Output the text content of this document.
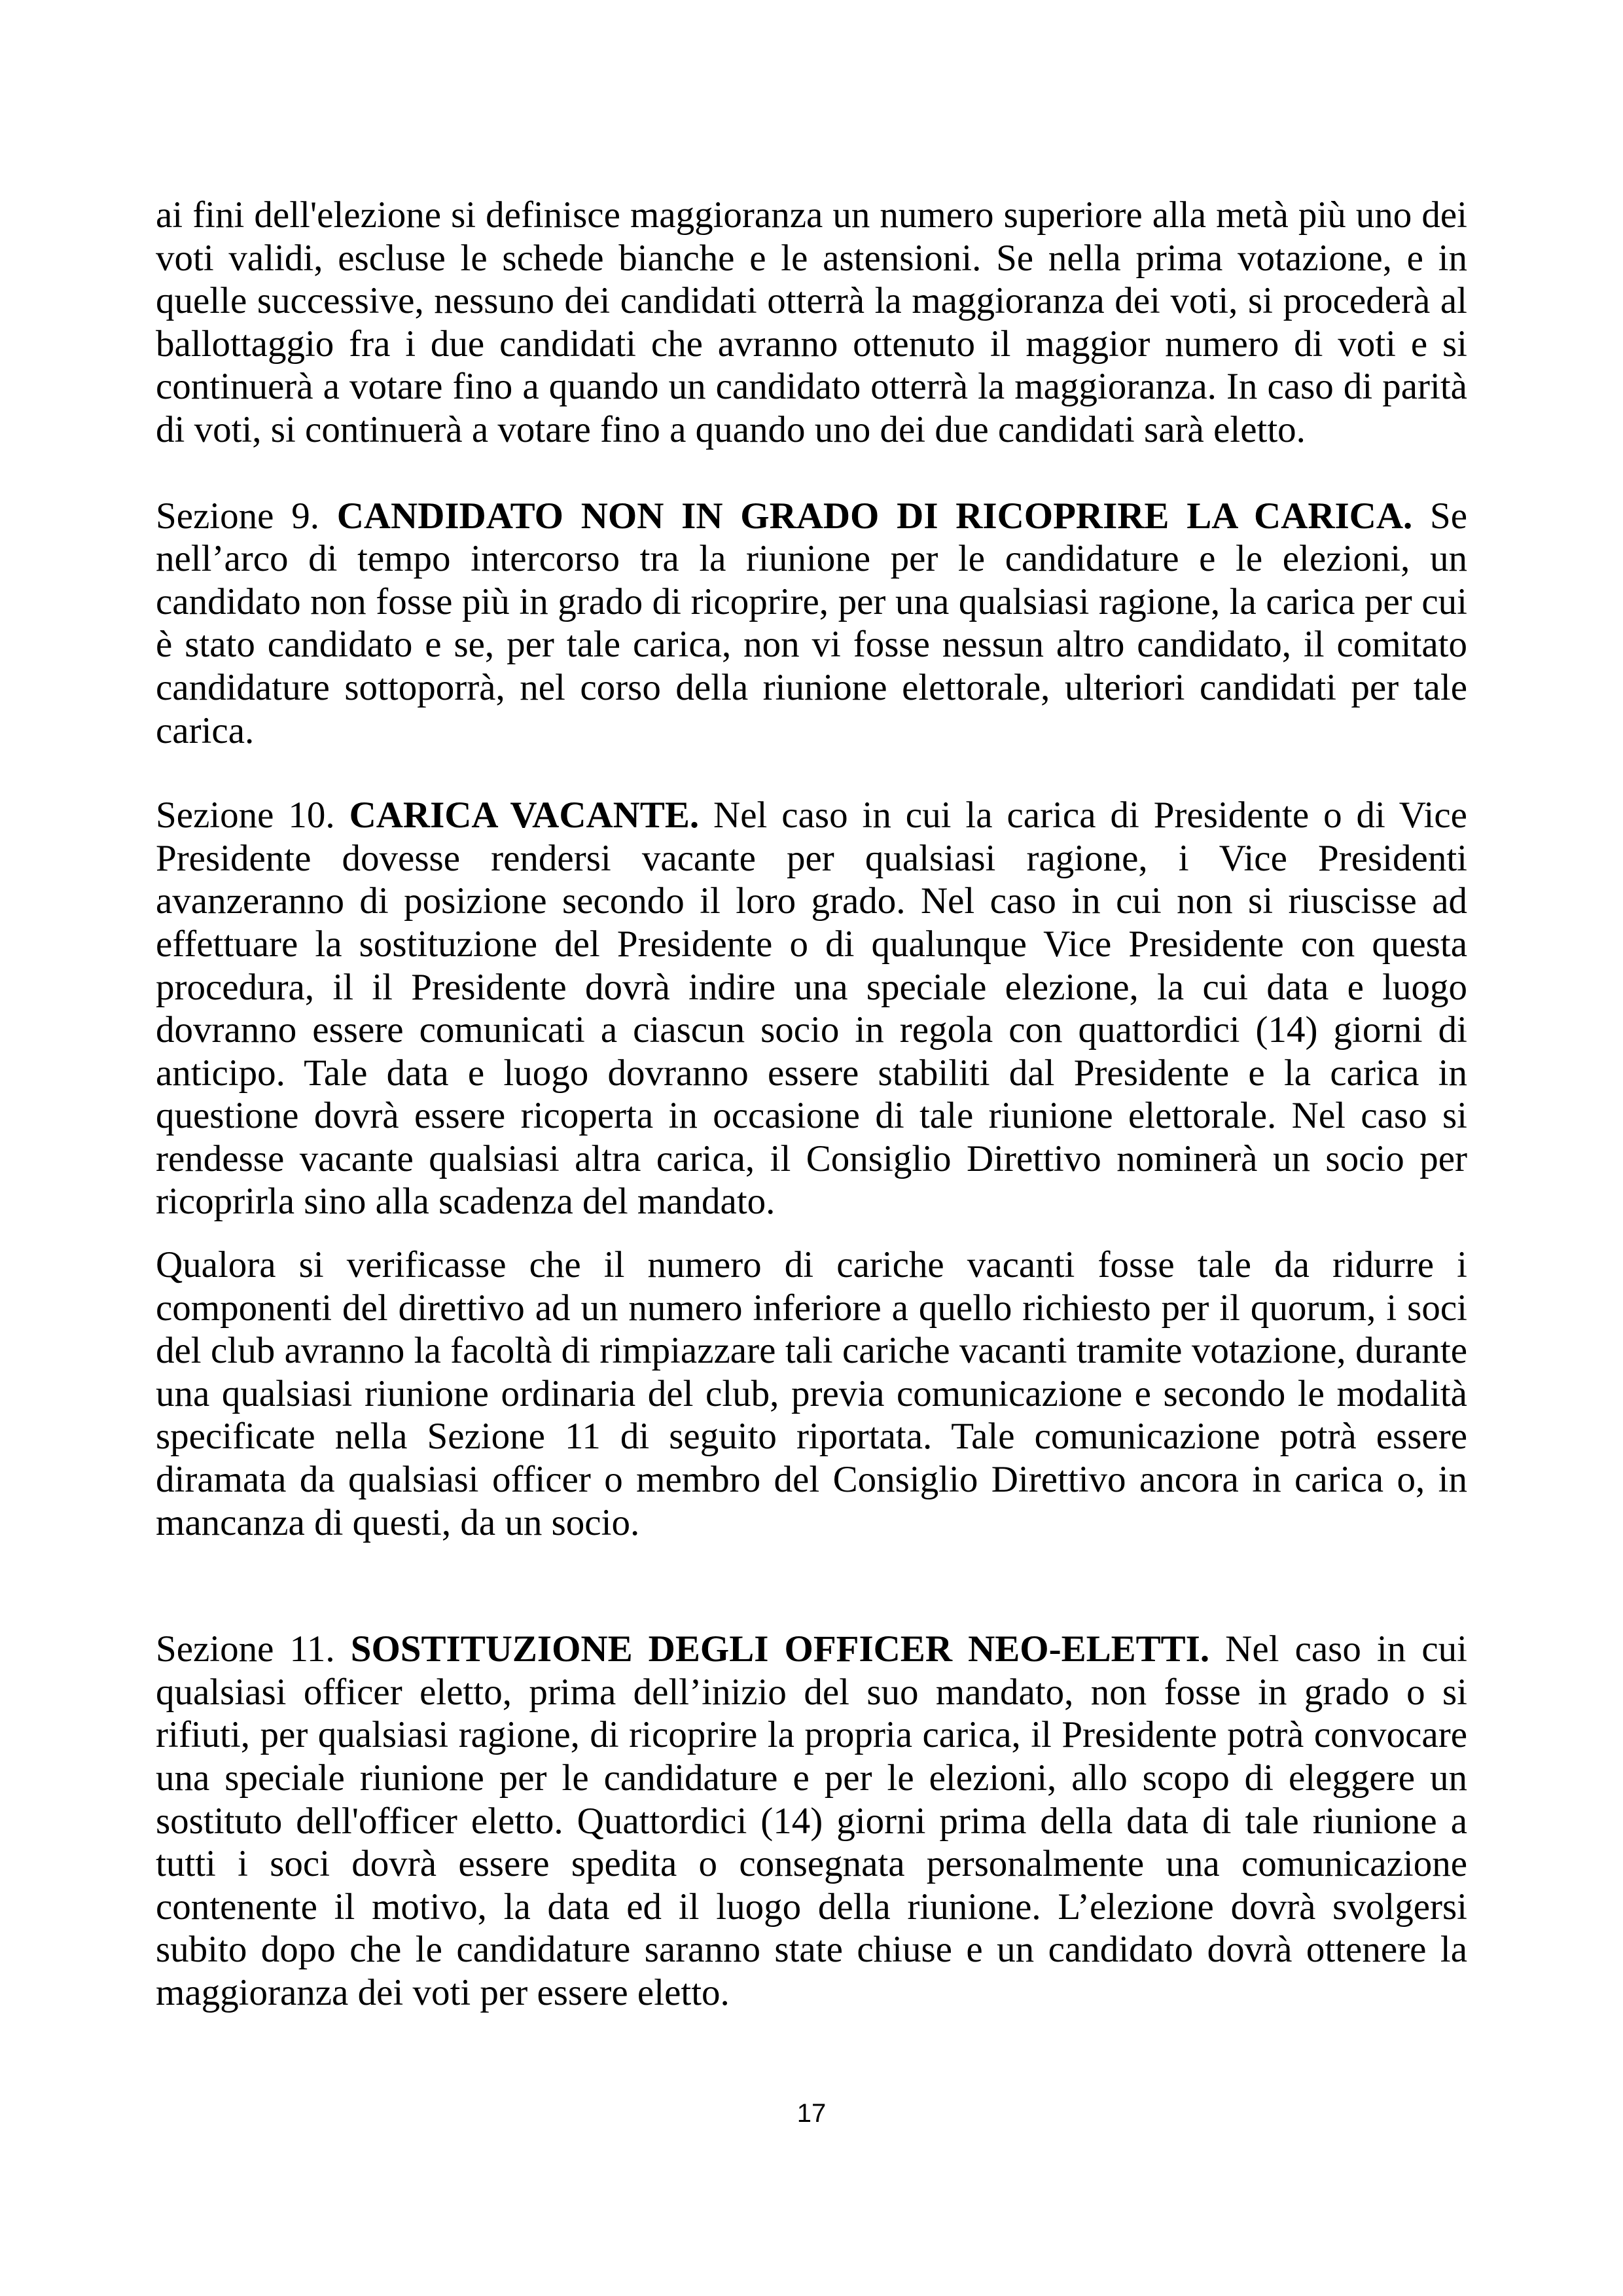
ai fini dell'elezione si definisce maggioranza un numero superiore alla metà più uno dei voti validi, escluse le schede bianche e le astensioni. Se nella prima votazione, e in quelle successive, nessuno dei candidati otterrà la maggioranza dei voti, si procederà al ballottaggio fra i due candidati che avranno ottenuto il maggior numero di voti e si continuerà a votare fino a quando un candidato otterrà la maggioranza. In caso di parità di voti, si continuerà a votare fino a quando uno dei due candidati sarà eletto.

Sezione 9. CANDIDATO NON IN GRADO DI RICOPRIRE LA CARICA. Se nell’arco di tempo intercorso tra la riunione per le candidature e le elezioni, un candidato non fosse più in grado di ricoprire, per una qualsiasi ragione, la carica per cui è stato candidato e se, per tale carica, non vi fosse nessun altro candidato, il comitato candidature sottoporrà, nel corso della riunione elettorale, ulteriori candidati per tale carica.

Sezione 10. CARICA VACANTE. Nel caso in cui la carica di Presidente o di Vice Presidente dovesse rendersi vacante per qualsiasi ragione, i Vice Presidenti avanzeranno di posizione secondo il loro grado. Nel caso in cui non si riuscisse ad effettuare la sostituzione del Presidente o di qualunque Vice Presidente con questa procedura, il il Presidente dovrà indire una speciale elezione, la cui data e luogo dovranno essere comunicati a ciascun socio in regola con quattordici (14) giorni di anticipo. Tale data e luogo dovranno essere stabiliti dal Presidente e la carica in questione dovrà essere ricoperta in occasione di tale riunione elettorale. Nel caso si rendesse vacante qualsiasi altra carica, il Consiglio Direttivo nominerà un socio per ricoprirla sino alla scadenza del mandato.

Qualora si verificasse che il numero di cariche vacanti fosse tale da ridurre i componenti del direttivo ad un numero inferiore a quello richiesto per il quorum, i soci del club avranno la facoltà di rimpiazzare tali cariche vacanti tramite votazione, durante una qualsiasi riunione ordinaria del club, previa comunicazione e secondo le modalità specificate nella Sezione 11 di seguito riportata. Tale comunicazione potrà essere diramata da qualsiasi officer o membro del Consiglio Direttivo ancora in carica o, in mancanza di questi, da un socio.

Sezione 11. SOSTITUZIONE DEGLI OFFICER NEO-ELETTI. Nel caso in cui qualsiasi officer eletto, prima dell’inizio del suo mandato, non fosse in grado o si rifiuti, per qualsiasi ragione, di ricoprire la propria carica, il Presidente potrà convocare una speciale riunione per le candidature e per le elezioni, allo scopo di eleggere un sostituto dell'officer eletto. Quattordici (14) giorni prima della data di tale riunione a tutti i soci dovrà essere spedita o consegnata personalmente una comunicazione contenente il motivo, la data ed il luogo della riunione. L’elezione dovrà svolgersi subito dopo che le candidature saranno state chiuse e un candidato dovrà ottenere la maggioranza dei voti per essere eletto.

17
